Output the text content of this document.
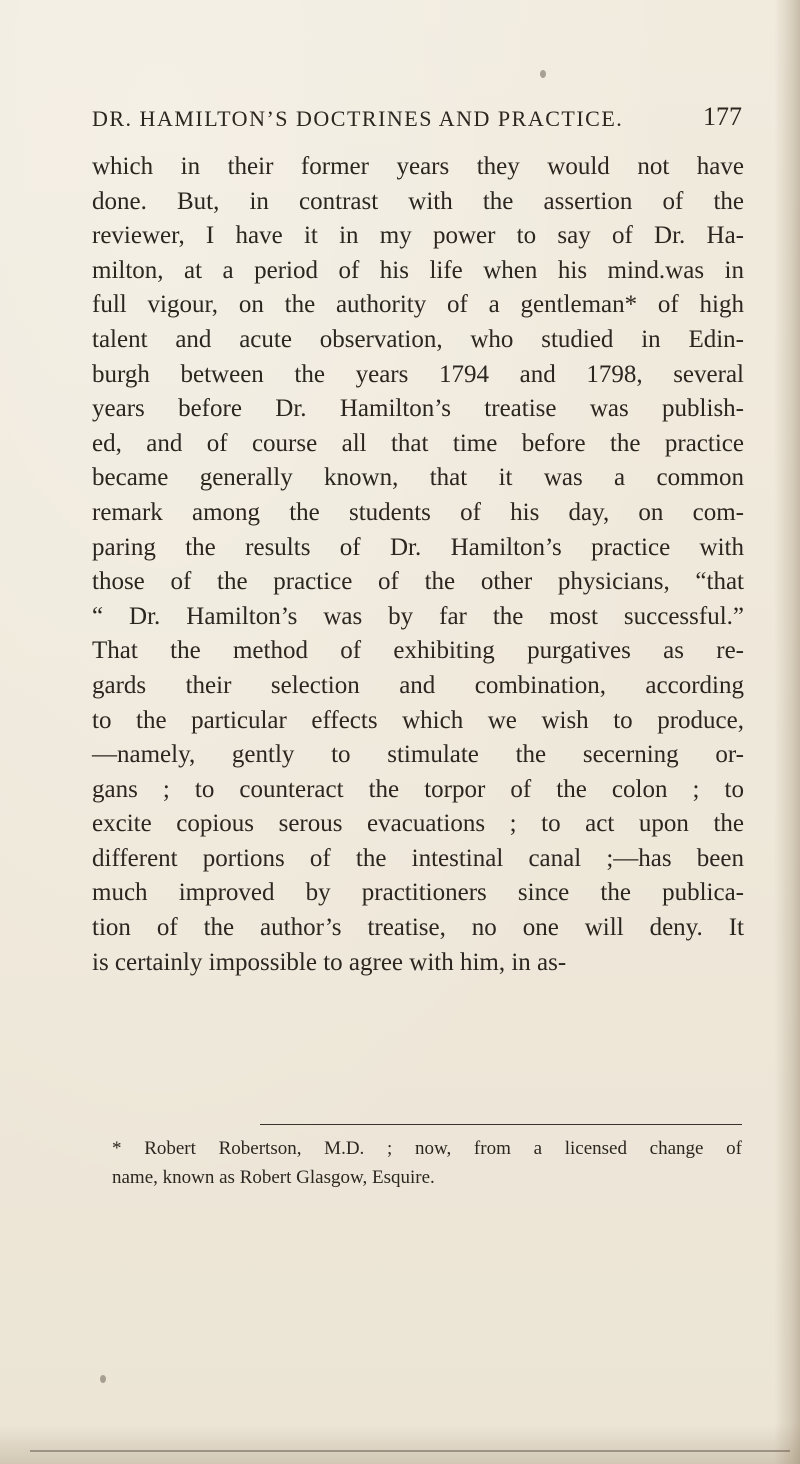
DR. HAMILTON’S DOCTRINES AND PRACTICE.	177
which in their former years they would not have
done. But, in contrast with the assertion of the
reviewer, I have it in my power to say of Dr. Ha-
milton, at a period of his life when his mind.was in
full vigour, on the authority of a gentleman* of high
talent and acute observation, who studied in Edin-
burgh between the years 1794 and 1798, several
years before Dr. Hamilton’s treatise was publish-
ed, and of course all that time before the practice
became generally known, that it was a common
remark among the students of his day, on com-
paring the results of Dr. Hamilton’s practice with
those of the practice of the other physicians, “that
“ Dr. Hamilton’s was by far the most successful.”
That the method of exhibiting purgatives as re-
gards their selection and combination, according
to the particular effects which we wish to produce,
—namely, gently to stimulate the secerning or-
gans ; to counteract the torpor of the colon ; to
excite copious serous evacuations ; to act upon the
different portions of the intestinal canal ;—has been
much improved by practitioners since the publica-
tion of the author’s treatise, no one will deny. It
is certainly impossible to agree with him, in as-
* Robert Robertson, M.D. ; now, from a licensed change of
name, known as Robert Glasgow, Esquire.
